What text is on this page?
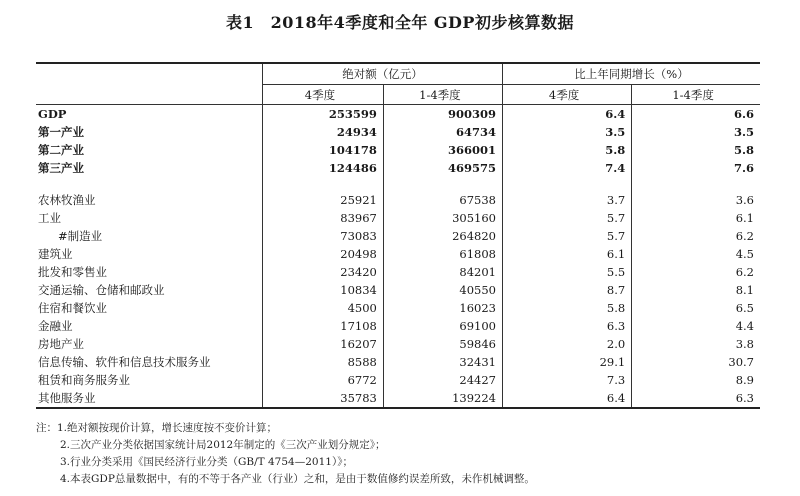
表1　2018年4季度和全年 GDP初步核算数据
	绝对额（亿元）		比上年同期增长（%）	
	4季度	1-4季度	4季度	1-4季度
GDP	253599	900309	6.4	6.6
第一产业	24934	64734	3.5	3.5
第二产业	104178	366001	5.8	5.8
第三产业	124486	469575	7.4	7.6

农林牧渔业	25921	67538	3.7	3.6
工业	83967	305160	5.7	6.1
#制造业	73083	264820	5.7	6.2
建筑业	20498	61808	6.1	4.5
批发和零售业	23420	84201	5.5	6.2
交通运输、仓储和邮政业	10834	40550	8.7	8.1
住宿和餐饮业	4500	16023	5.8	6.5
金融业	17108	69100	6.3	4.4
房地产业	16207	59846	2.0	3.8
信息传输、软件和信息技术服务业	8588	32431	29.1	30.7
租赁和商务服务业	6772	24427	7.3	8.9
其他服务业	35783	139224	6.4	6.3
注：1.绝对额按现价计算，增长速度按不变价计算；
2.三次产业分类依据国家统计局2012年制定的《三次产业划分规定》；
3.行业分类采用《国民经济行业分类（GB/T 4754—2011）》；
4.本表GDP总量数据中，有的不等于各产业（行业）之和，是由于数值修约误差所致，未作机械调整。
